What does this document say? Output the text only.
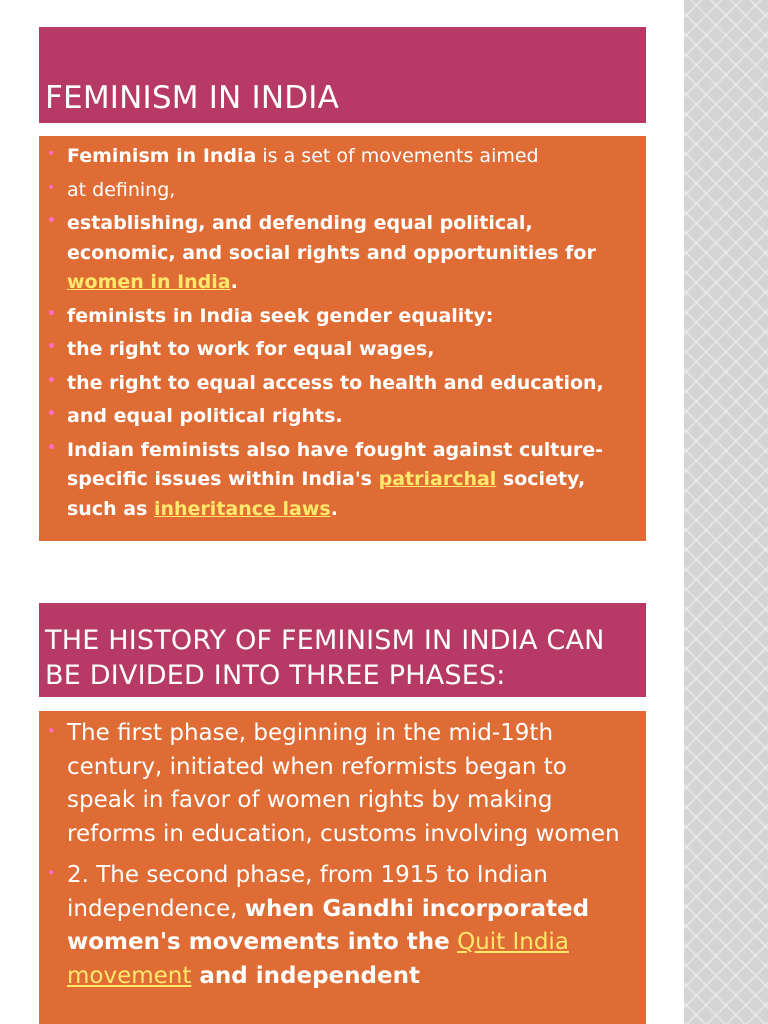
FEMINISM IN INDIA
• Feminism in India is a set of movements aimed
• at defining,
• establishing, and defending equal political, economic, and social rights and opportunities for women in India.
• feminists in India seek gender equality:
• the right to work for equal wages,
• the right to equal access to health and education,
• and equal political rights.
• Indian feminists also have fought against culture-specific issues within India's patriarchal society, such as inheritance laws.
THE HISTORY OF FEMINISM IN INDIA CAN BE DIVIDED INTO THREE PHASES:
• The first phase, beginning in the mid-19th century, initiated when reformists began to speak in favor of women rights by making reforms in education, customs involving women
• 2. The second phase, from 1915 to Indian independence, when Gandhi incorporated women's movements into the Quit India movement and independent
